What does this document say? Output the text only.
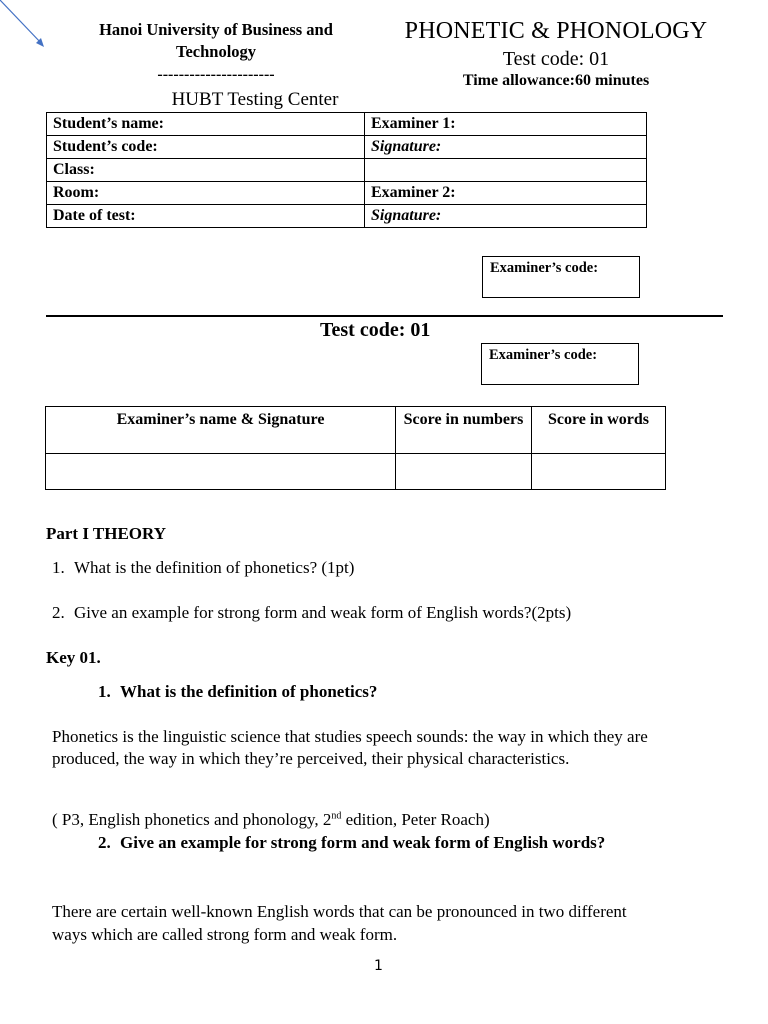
Hanoi University of Business and Technology
----------------------
HUBT Testing Center
PHONETIC & PHONOLOGY
Test code: 01
Time allowance:60 minutes
Student’s name:	Examiner 1:
Student’s code:	Signature:
Class:	
Room:	Examiner 2:
Date of test:	Signature:
Examiner’s code:
Test code: 01
Examiner’s code:
Examiner’s name & Signature	Score in numbers	Score in words

Part I THEORY
1. What is the definition of phonetics? (1pt)
2. Give an example for strong form and weak form of English words?(2pts)
Key 01.
1. What is the definition of phonetics?
Phonetics is the linguistic science that studies speech sounds: the way in which they are produced, the way in which they’re perceived, their physical characteristics.
( P3, English phonetics and phonology, 2nd edition, Peter Roach)
2. Give an example for strong form and weak form of English words?
There are certain well-known English words that can be pronounced in two different ways which are called strong form and weak form.
1
